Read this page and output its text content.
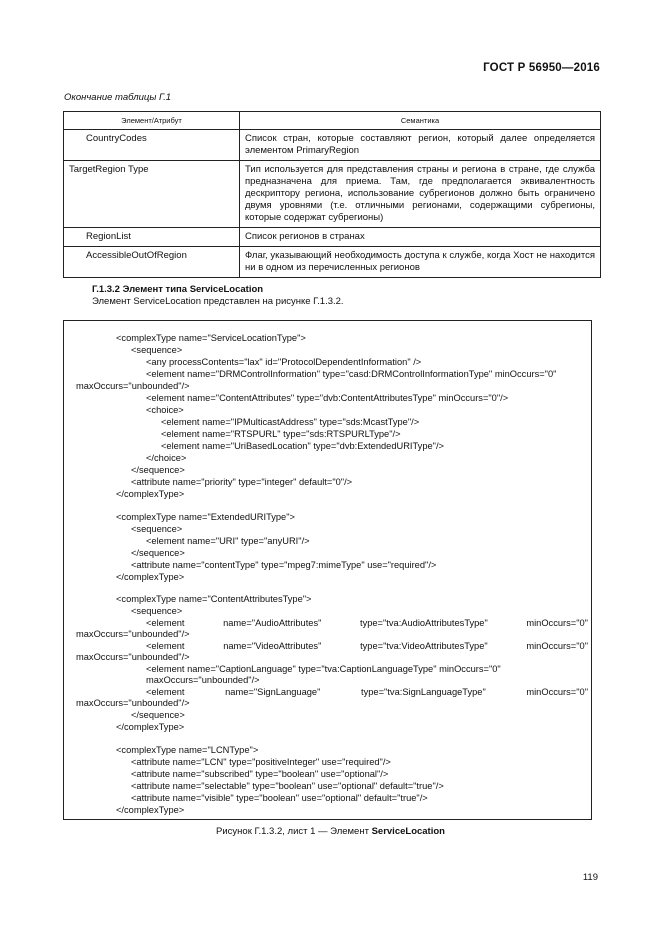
ГОСТ Р 56950—2016
Окончание таблицы Г.1
Элемент/Атрибут	Семантика
CountryCodes	Список стран, которые составляют регион, который далее определяется элементом PrimaryRegion
TargetRegion Type	Тип используется для представления страны и региона в стране, где служба предназначена для приема. Там, где предполагается эквивалентность дескриптору региона, использование субрегионов должно быть ограничено двумя уровнями (т.е. отличными регионами, содержащими субрегионы, которые содержат субрегионы)
RegionList	Список регионов в странах
AccessibleOutOfRegion	Флаг, указывающий необходимость доступа к службе, когда Хост не находится ни в одном из перечисленных регионов
Г.1.3.2 Элемент типа ServiceLocation
Элемент ServiceLocation представлен на рисунке Г.1.3.2.
<complexType name="ServiceLocationType">
<sequence>
<any processContents="lax" id="ProtocolDependentInformation" />
<element name="DRMControlInformation" type="casd:DRMControlInformationType" minOccurs="0"
maxOccurs="unbounded"/>
<element name="ContentAttributes" type="dvb:ContentAttributesType" minOccurs="0"/>
<choice>
<element name="IPMulticastAddress" type="sds:McastType"/>
<element name="RTSPURL" type="sds:RTSPURLType"/>
<element name="UriBasedLocation" type="dvb:ExtendedURIType"/>
</choice>
</sequence>
<attribute name="priority" type="integer" default="0"/>
</complexType>
<complexType name="ExtendedURIType">
<sequence>
<element name="URI" type="anyURI"/>
</sequence>
<attribute name="contentType" type="mpeg7:mimeType" use="required"/>
</complexType>
<complexType name="ContentAttributesType">
<sequence>
<element	name="AudioAttributes"	type="tva:AudioAttributesType"	minOccurs="0"
maxOccurs="unbounded"/>
<element	name="VideoAttributes"	type="tva:VideoAttributesType"	minOccurs="0"
maxOccurs="unbounded"/>
<element name="CaptionLanguage" type="tva:CaptionLanguageType" minOccurs="0"
maxOccurs="unbounded"/>
<element	name="SignLanguage"	type="tva:SignLanguageType"	minOccurs="0"
maxOccurs="unbounded"/>
</sequence>
</complexType>
<complexType name="LCNType">
<attribute name="LCN" type="positiveInteger" use="required"/>
<attribute name="subscribed" type="boolean" use="optional"/>
<attribute name="selectable" type="boolean" use="optional" default="true"/>
<attribute name="visible" type="boolean" use="optional" default="true"/>
</complexType>
Рисунок Г.1.3.2, лист 1 — Элемент ServiceLocation
119
